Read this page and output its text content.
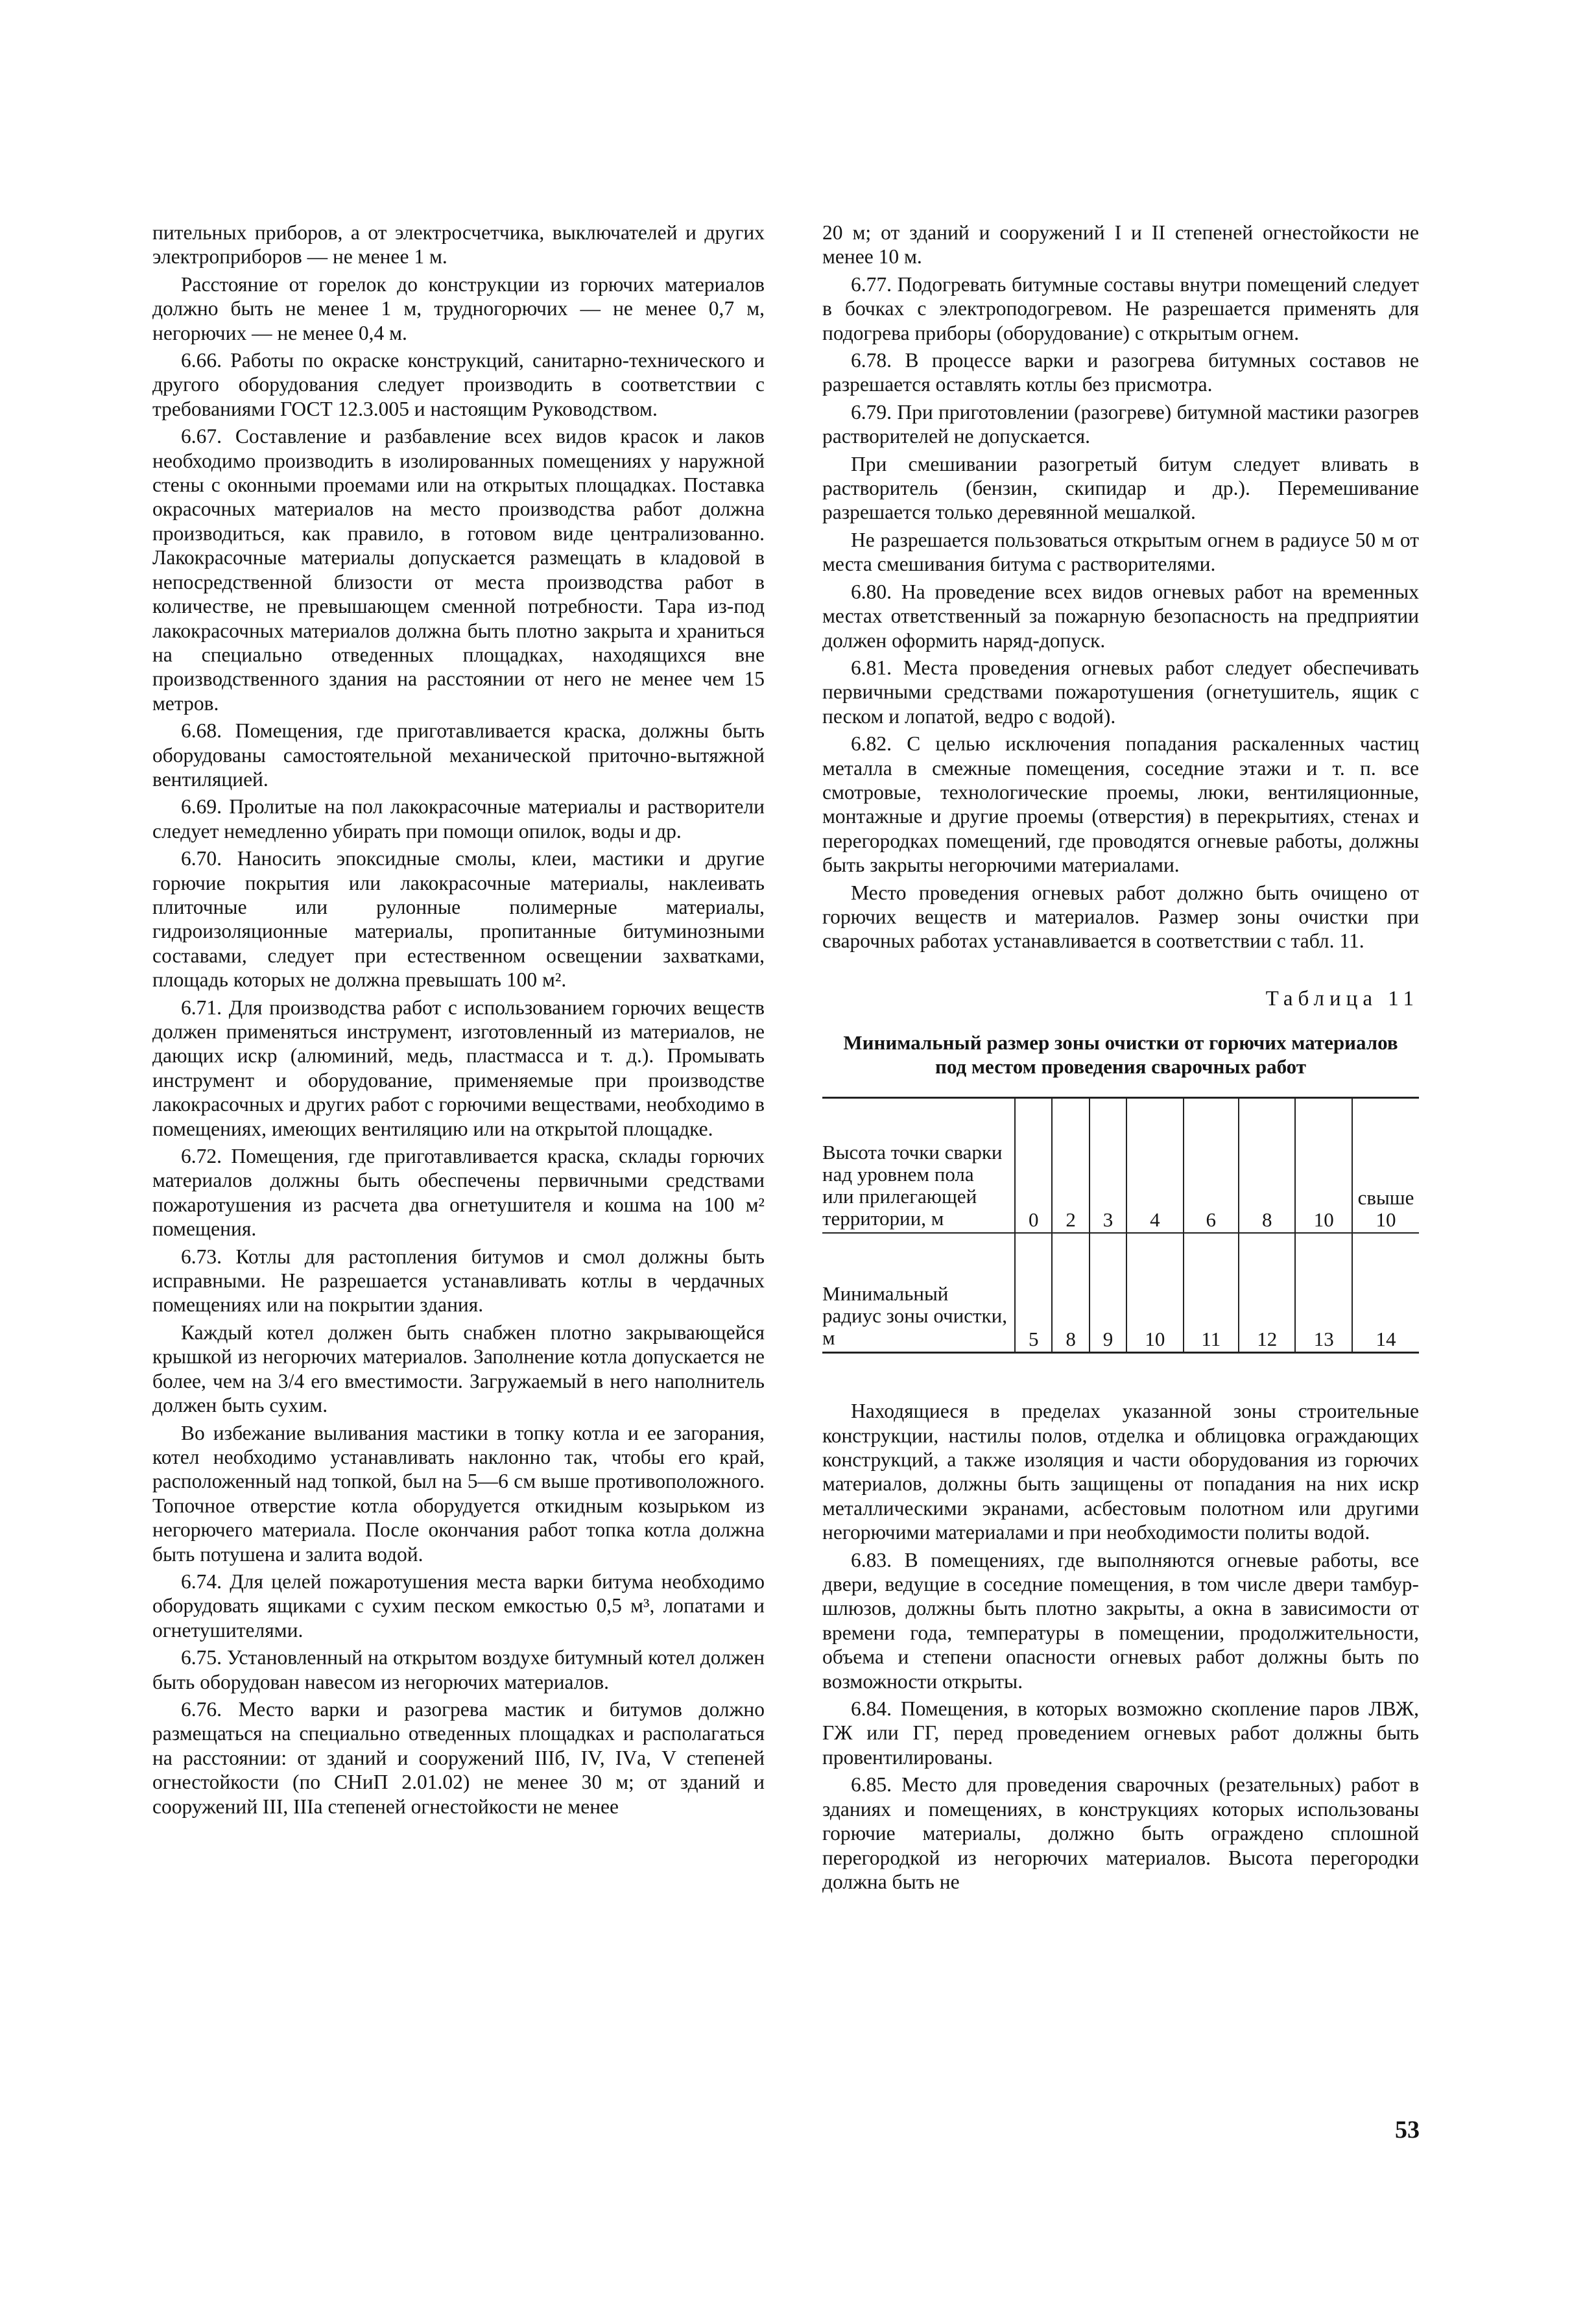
пительных приборов, а от электросчетчика, выключателей и других электроприборов — не менее 1 м.

Расстояние от горелок до конструкции из горючих материалов должно быть не менее 1 м, трудногорючих — не менее 0,7 м, негорючих — не менее 0,4 м.

6.66. Работы по окраске конструкций, санитарно-технического и другого оборудования следует производить в соответствии с требованиями ГОСТ 12.3.005 и настоящим Руководством.

6.67. Составление и разбавление всех видов красок и лаков необходимо производить в изолированных помещениях у наружной стены с оконными проемами или на открытых площадках. Поставка окрасочных материалов на место производства работ должна производиться, как правило, в готовом виде централизованно. Лакокрасочные материалы допускается размещать в кладовой в непосредственной близости от места производства работ в количестве, не превышающем сменной потребности. Тара из-под лакокрасочных материалов должна быть плотно закрыта и храниться на специально отведенных площадках, находящихся вне производственного здания на расстоянии от него не менее чем 15 метров.

6.68. Помещения, где приготавливается краска, должны быть оборудованы самостоятельной механической приточно-вытяжной вентиляцией.

6.69. Пролитые на пол лакокрасочные материалы и растворители следует немедленно убирать при помощи опилок, воды и др.

6.70. Наносить эпоксидные смолы, клеи, мастики и другие горючие покрытия или лакокрасочные материалы, наклеивать плиточные или рулонные полимерные материалы, гидроизоляционные материалы, пропитанные битуминозными составами, следует при естественном освещении захватками, площадь которых не должна превышать 100 м².

6.71. Для производства работ с использованием горючих веществ должен применяться инструмент, изготовленный из материалов, не дающих искр (алюминий, медь, пластмасса и т. д.). Промывать инструмент и оборудование, применяемые при производстве лакокрасочных и других работ с горючими веществами, необходимо в помещениях, имеющих вентиляцию или на открытой площадке.

6.72. Помещения, где приготавливается краска, склады горючих материалов должны быть обеспечены первичными средствами пожаротушения из расчета два огнетушителя и кошма на 100 м² помещения.

6.73. Котлы для растопления битумов и смол должны быть исправными. Не разрешается устанавливать котлы в чердачных помещениях или на покрытии здания.

Каждый котел должен быть снабжен плотно закрывающейся крышкой из негорючих материалов. Заполнение котла допускается не более, чем на 3/4 его вместимости. Загружаемый в него наполнитель должен быть сухим.

Во избежание выливания мастики в топку котла и ее загорания, котел необходимо устанавливать наклонно так, чтобы его край, расположенный над топкой, был на 5—6 см выше противоположного. Топочное отверстие котла оборудуется откидным козырьком из негорючего материала. После окончания работ топка котла должна быть потушена и залита водой.

6.74. Для целей пожаротушения места варки битума необходимо оборудовать ящиками с сухим песком емкостью 0,5 м³, лопатами и огнетушителями.

6.75. Установленный на открытом воздухе битумный котел должен быть оборудован навесом из негорючих материалов.

6.76. Место варки и разогрева мастик и битумов должно размещаться на специально отведенных площадках и располагаться на расстоянии: от зданий и сооружений IIIб, IV, IVа, V степеней огнестойкости (по СНиП 2.01.02) не менее 30 м; от зданий и сооружений III, IIIа степеней огнестойкости не менее

20 м; от зданий и сооружений I и II степеней огнестойкости не менее 10 м.

6.77. Подогревать битумные составы внутри помещений следует в бочках с электроподогревом. Не разрешается применять для подогрева приборы (оборудование) с открытым огнем.

6.78. В процессе варки и разогрева битумных составов не разрешается оставлять котлы без присмотра.

6.79. При приготовлении (разогреве) битумной мастики разогрев растворителей не допускается.

При смешивании разогретый битум следует вливать в растворитель (бензин, скипидар и др.). Перемешивание разрешается только деревянной мешалкой.

Не разрешается пользоваться открытым огнем в радиусе 50 м от места смешивания битума с растворителями.

6.80. На проведение всех видов огневых работ на временных местах ответственный за пожарную безопасность на предприятии должен оформить наряд-допуск.

6.81. Места проведения огневых работ следует обеспечивать первичными средствами пожаротушения (огнетушитель, ящик с песком и лопатой, ведро с водой).

6.82. С целью исключения попадания раскаленных частиц металла в смежные помещения, соседние этажи и т. п. все смотровые, технологические проемы, люки, вентиляционные, монтажные и другие проемы (отверстия) в перекрытиях, стенах и перегородках помещений, где проводятся огневые работы, должны быть закрыты негорючими материалами.

Место проведения огневых работ должно быть очищено от горючих веществ и материалов. Размер зоны очистки при сварочных работах устанавливается в соответствии с табл. 11.

Таблица 11
Минимальный размер зоны очистки от горючих материалов под местом проведения сварочных работ
Высота точки сварки над уровнем пола или прилегающей территории, м	0	2	3	4	6	8	10	свыше 10
Минимальный радиус зоны очистки, м	5	8	9	10	11	12	13	14

Находящиеся в пределах указанной зоны строительные конструкции, настилы полов, отделка и облицовка ограждающих конструкций, а также изоляция и части оборудования из горючих материалов, должны быть защищены от попадания на них искр металлическими экранами, асбестовым полотном или другими негорючими материалами и при необходимости политы водой.

6.83. В помещениях, где выполняются огневые работы, все двери, ведущие в соседние помещения, в том числе двери тамбур-шлюзов, должны быть плотно закрыты, а окна в зависимости от времени года, температуры в помещении, продолжительности, объема и степени опасности огневых работ должны быть по возможности открыты.

6.84. Помещения, в которых возможно скопление паров ЛВЖ, ГЖ или ГГ, перед проведением огневых работ должны быть провентилированы.

6.85. Место для проведения сварочных (резательных) работ в зданиях и помещениях, в конструкциях которых использованы горючие материалы, должно быть ограждено сплошной перегородкой из негорючих материалов. Высота перегородки должна быть не

53
